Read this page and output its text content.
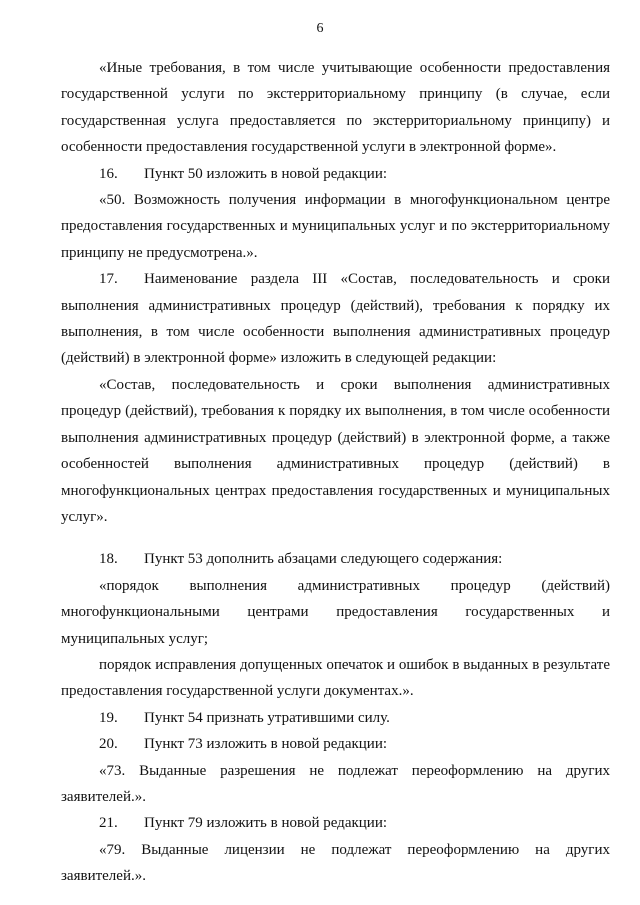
6

«Иные требования, в том числе учитывающие особенности предоставления государственной услуги по экстерриториальному принципу (в случае, если государственная услуга предоставляется по экстерриториальному принципу) и особенности предоставления государственной услуги в электронной форме».

16. Пункт 50 изложить в новой редакции:

«50. Возможность получения информации в многофункциональном центре предоставления государственных и муниципальных услуг и по экстерриториальному принципу не предусмотрена.».

17. Наименование раздела III «Состав, последовательность и сроки выполнения административных процедур (действий), требования к порядку их выполнения, в том числе особенности выполнения административных процедур (действий) в электронной форме» изложить в следующей редакции:

«Состав, последовательность и сроки выполнения административных процедур (действий), требования к порядку их выполнения, в том числе особенности выполнения административных процедур (действий) в электронной форме, а также особенностей выполнения административных процедур (действий) в многофункциональных центрах предоставления государственных и муниципальных услуг».

18. Пункт 53 дополнить абзацами следующего содержания:

«порядок выполнения административных процедур (действий) многофункциональными центрами предоставления государственных и муниципальных услуг;

порядок исправления допущенных опечаток и ошибок в выданных в результате предоставления государственной услуги документах.».

19. Пункт 54 признать утратившими силу.

20. Пункт 73 изложить в новой редакции:

«73. Выданные разрешения не подлежат переоформлению на других заявителей.».

21. Пункт 79 изложить в новой редакции:

«79. Выданные лицензии не подлежат переоформлению на других заявителей.».
